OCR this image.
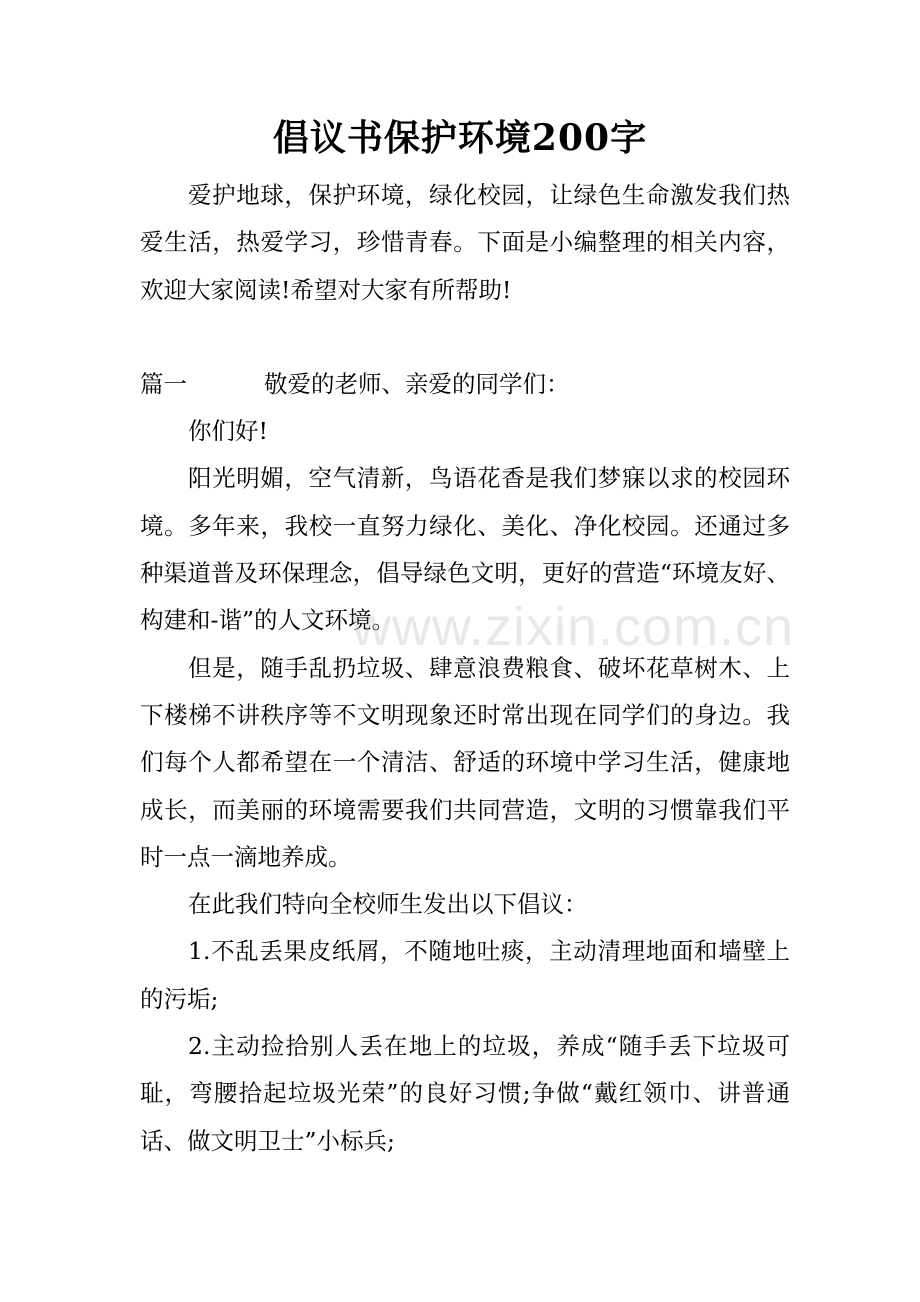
倡议书保护环境200字

爱护地球，保护环境，绿化校园，让绿色生命激发我们热爱生活，热爱学习，珍惜青春。下面是小编整理的相关内容，欢迎大家阅读!希望对大家有所帮助!

篇一	敬爱的老师、亲爱的同学们：

你们好!

阳光明媚，空气清新，鸟语花香是我们梦寐以求的校园环境。多年来，我校一直努力绿化、美化、净化校园。还通过多种渠道普及环保理念，倡导绿色文明，更好的营造“环境友好、构建和-谐”的人文环境。

但是，随手乱扔垃圾、肆意浪费粮食、破坏花草树木、上下楼梯不讲秩序等不文明现象还时常出现在同学们的身边。我们每个人都希望在一个清洁、舒适的环境中学习生活，健康地成长，而美丽的环境需要我们共同营造，文明的习惯靠我们平时一点一滴地养成。

在此我们特向全校师生发出以下倡议：

1.不乱丢果皮纸屑，不随地吐痰，主动清理地面和墙壁上的污垢;

2.主动捡拾别人丢在地上的垃圾，养成“随手丢下垃圾可耻，弯腰拾起垃圾光荣”的良好习惯;争做“戴红领巾、讲普通话、做文明卫士”小标兵;

www.zixin.com.cn
